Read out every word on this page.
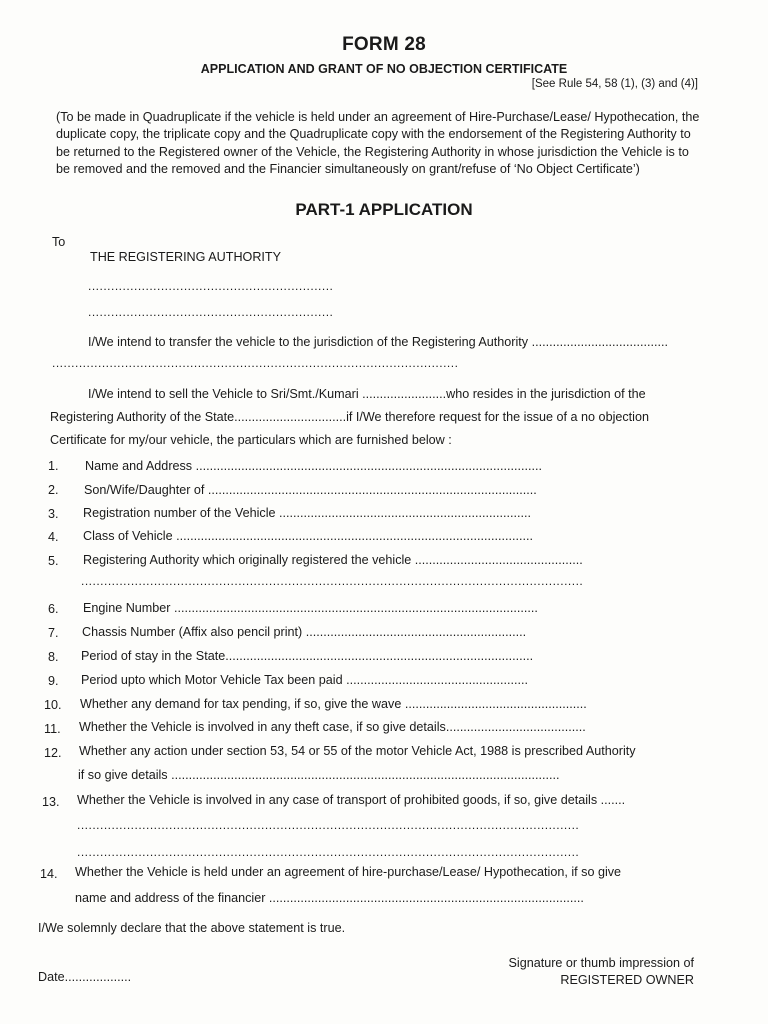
FORM 28
APPLICATION AND GRANT OF NO OBJECTION CERTIFICATE
[See Rule 54, 58 (1), (3) and (4)]
(To be made in Quadruplicate if the vehicle is held under an agreement of Hire-Purchase/Lease/ Hypothecation, the duplicate copy, the triplicate copy and the Quadruplicate copy with the endorsement of the Registering Authority to be returned to the Registered owner of the Vehicle, the Registering Authority in whose jurisdiction the Vehicle is to be removed and the removed and the Financier simultaneously on grant/refuse of ‘No Object Certificate’)
PART-1 APPLICATION
To
THE REGISTERING AUTHORITY
................................................................
................................................................
I/We intend to transfer the vehicle to the jurisdiction of the Registering Authority .......................................
..........................................................................................................
I/We intend to sell the Vehicle to Sri/Smt./Kumari ........................who resides in the jurisdiction of the
Registering Authority of the State................................if I/We therefore request for the issue of a no objection
Certificate for my/our vehicle, the particulars which are furnished below :
1. Name and Address ...................................................................................................
2. Son/Wife/Daughter of ..............................................................................................
3. Registration number of the Vehicle ........................................................................
4. Class of Vehicle ......................................................................................................
5. Registering Authority which originally registered the vehicle ................................................
...................................................................................................................................
6. Engine Number ........................................................................................................
7. Chassis Number (Affix also pencil print) ...............................................................
8. Period of stay in the State........................................................................................
9. Period upto which Motor Vehicle Tax been paid ....................................................
10. Whether any demand for tax pending, if so, give the wave ....................................................
11. Whether the Vehicle is involved in any theft case, if so give details........................................
12. Whether any action under section 53, 54 or 55 of the motor Vehicle Act, 1988 is prescribed Authority
if so give details ...............................................................................................................
13. Whether the Vehicle is involved in any case of transport of prohibited goods, if so, give details .......
...................................................................................................................................
...................................................................................................................................
14. Whether the Vehicle is held under an agreement of hire-purchase/Lease/ Hypothecation, if so give
name and address of the financier ..........................................................................................
I/We solemnly declare that the above statement is true.
Date...................
Signature or thumb impression of
REGISTERED OWNER
